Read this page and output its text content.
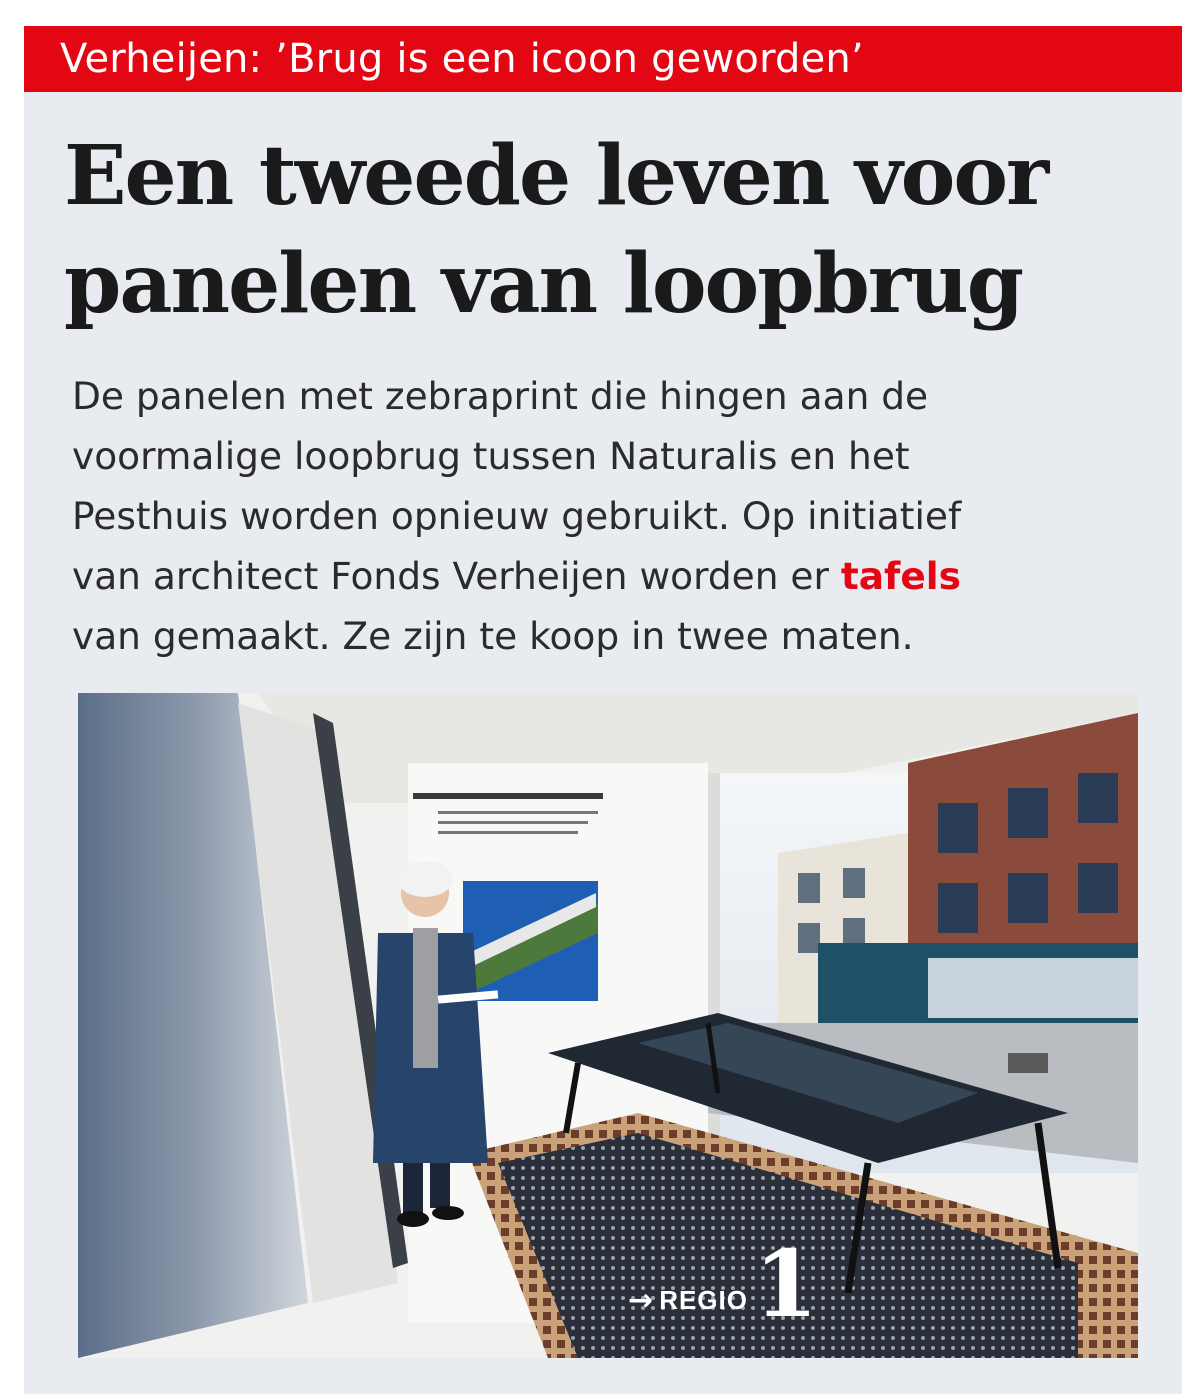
Verheijen: ’Brug is een icoon geworden’
Een tweede leven voor
panelen van loopbrug

De panelen met zebraprint die hingen aan de
voormalige loopbrug tussen Naturalis en het
Pesthuis worden opnieuw gebruikt. Op initiatief
van architect Fonds Verheijen worden er tafels
van gemaakt. Ze zijn te koop in twee maten.

→ REGIO 1
